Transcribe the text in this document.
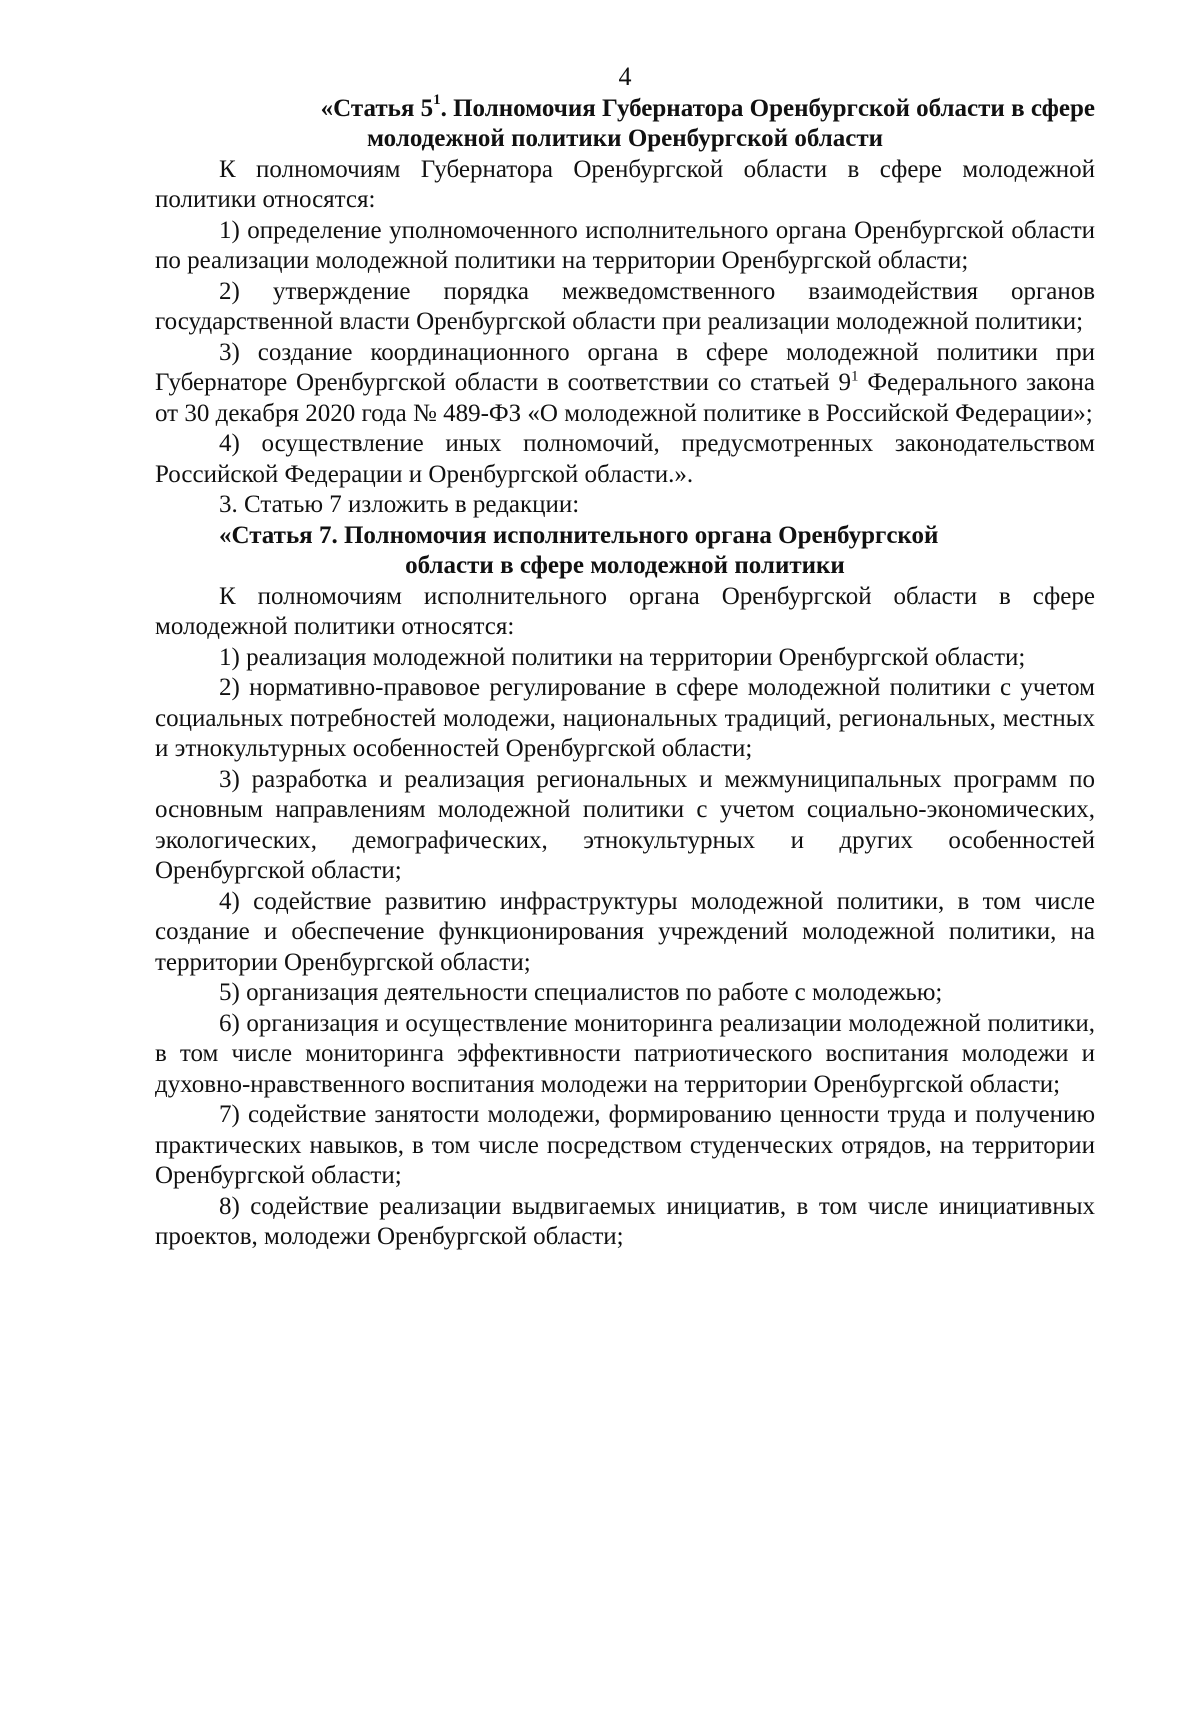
4
«Статья $5^1$. Полномочия Губернатора Оренбургской области в сфере
молодежной политики Оренбургской области

К полномочиям Губернатора Оренбургской области в сфере молодежной политики относятся:

1) определение уполномоченного исполнительного органа Оренбургской области по реализации молодежной политики на территории Оренбургской области;

2) утверждение порядка межведомственного взаимодействия органов государственной власти Оренбургской области при реализации молодежной политики;

3) создание координационного органа в сфере молодежной политики при Губернаторе Оренбургской области в соответствии со статьей $9^1$ Федерального закона от 30 декабря 2020 года № 489-ФЗ «О молодежной политике в Российской Федерации»;

4) осуществление иных полномочий, предусмотренных законодательством Российской Федерации и Оренбургской области.».

3. Статью 7 изложить в редакции:

«Статья 7. Полномочия исполнительного органа Оренбургской
области в сфере молодежной политики

К полномочиям исполнительного органа Оренбургской области в сфере молодежной политики относятся:

1) реализация молодежной политики на территории Оренбургской области;

2) нормативно-правовое регулирование в сфере молодежной политики с учетом социальных потребностей молодежи, национальных традиций, региональных, местных и этнокультурных особенностей Оренбургской области;

3) разработка и реализация региональных и межмуниципальных программ по основным направлениям молодежной политики с учетом социально-экономических, экологических, демографических, этнокультурных и других особенностей Оренбургской области;

4) содействие развитию инфраструктуры молодежной политики, в том числе создание и обеспечение функционирования учреждений молодежной политики, на территории Оренбургской области;

5) организация деятельности специалистов по работе с молодежью;

6) организация и осуществление мониторинга реализации молодежной политики, в том числе мониторинга эффективности патриотического воспитания молодежи и духовно-нравственного воспитания молодежи на территории Оренбургской области;

7) содействие занятости молодежи, формированию ценности труда и получению практических навыков, в том числе посредством студенческих отрядов, на территории Оренбургской области;

8) содействие реализации выдвигаемых инициатив, в том числе инициативных проектов, молодежи Оренбургской области;
